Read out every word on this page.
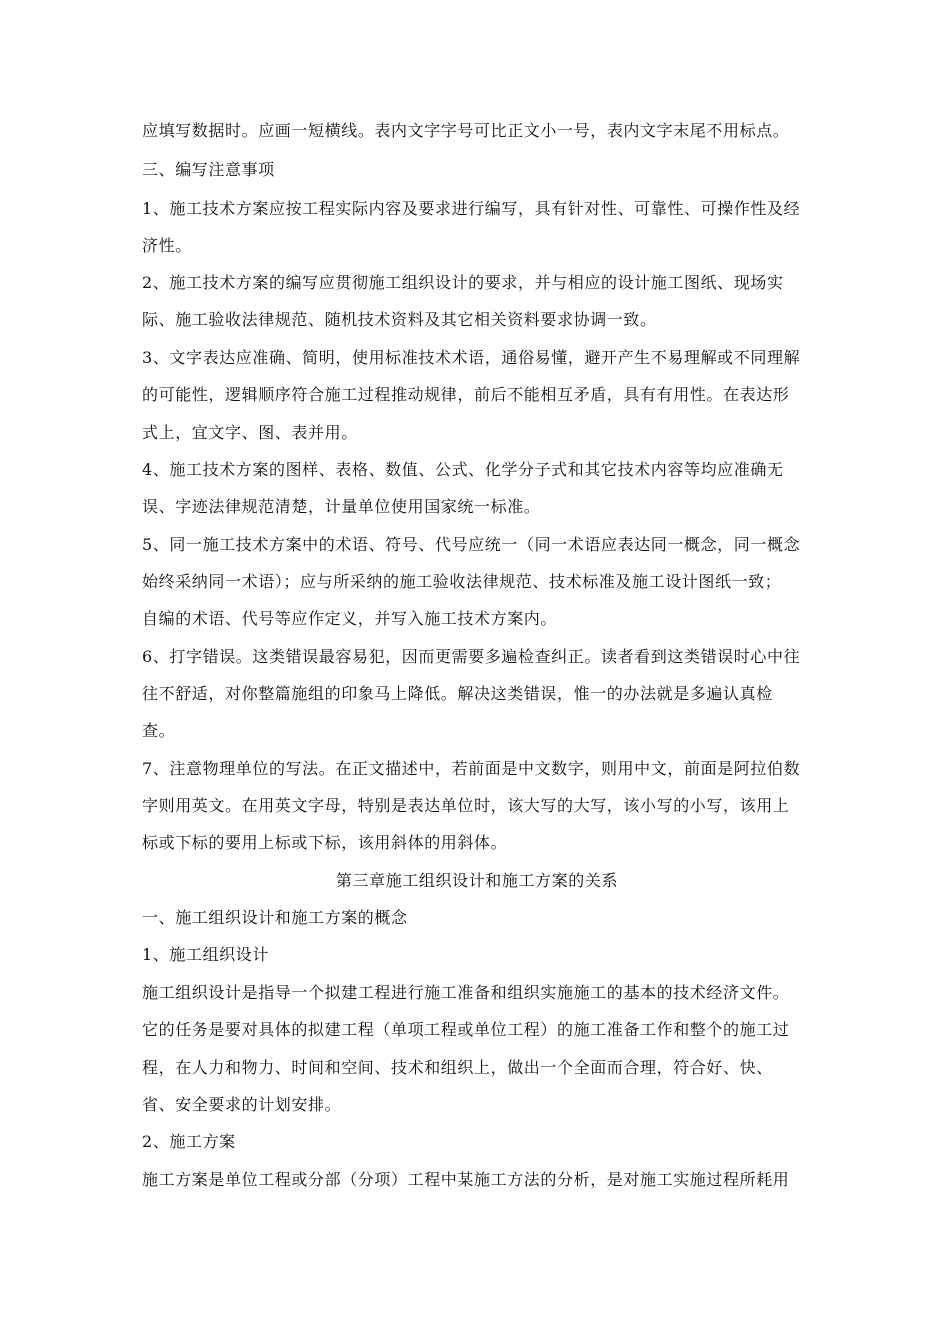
应填写数据时。应画一短横线。表内文字字号可比正文小一号，表内文字末尾不用标点。
三、编写注意事项
1、施工技术方案应按工程实际内容及要求进行编写，具有针对性、可靠性、可操作性及经
济性。
2、施工技术方案的编写应贯彻施工组织设计的要求，并与相应的设计施工图纸、现场实
际、施工验收法律规范、随机技术资料及其它相关资料要求协调一致。
3、文字表达应准确、简明，使用标准技术术语，通俗易懂，避开产生不易理解或不同理解
的可能性，逻辑顺序符合施工过程推动规律，前后不能相互矛盾，具有有用性。在表达形
式上，宜文字、图、表并用。
4、施工技术方案的图样、表格、数值、公式、化学分子式和其它技术内容等均应准确无
误、字迹法律规范清楚，计量单位使用国家统一标准。
5、同一施工技术方案中的术语、符号、代号应统一（同一术语应表达同一概念，同一概念
始终采纳同一术语）；应与所采纳的施工验收法律规范、技术标准及施工设计图纸一致；
自编的术语、代号等应作定义，并写入施工技术方案内。
6、打字错误。这类错误最容易犯，因而更需要多遍检查纠正。读者看到这类错误时心中往
往不舒适，对你整篇施组的印象马上降低。解决这类错误，惟一的办法就是多遍认真检
查。
7、注意物理单位的写法。在正文描述中，若前面是中文数字，则用中文，前面是阿拉伯数
字则用英文。在用英文字母，特别是表达单位时，该大写的大写，该小写的小写，该用上
标或下标的要用上标或下标，该用斜体的用斜体。
第三章施工组织设计和施工方案的关系
一、施工组织设计和施工方案的概念
1、施工组织设计
施工组织设计是指导一个拟建工程进行施工准备和组织实施施工的基本的技术经济文件。
它的任务是要对具体的拟建工程（单项工程或单位工程）的施工准备工作和整个的施工过
程，在人力和物力、时间和空间、技术和组织上，做出一个全面而合理，符合好、快、
省、安全要求的计划安排。
2、施工方案
施工方案是单位工程或分部（分项）工程中某施工方法的分析，是对施工实施过程所耗用
